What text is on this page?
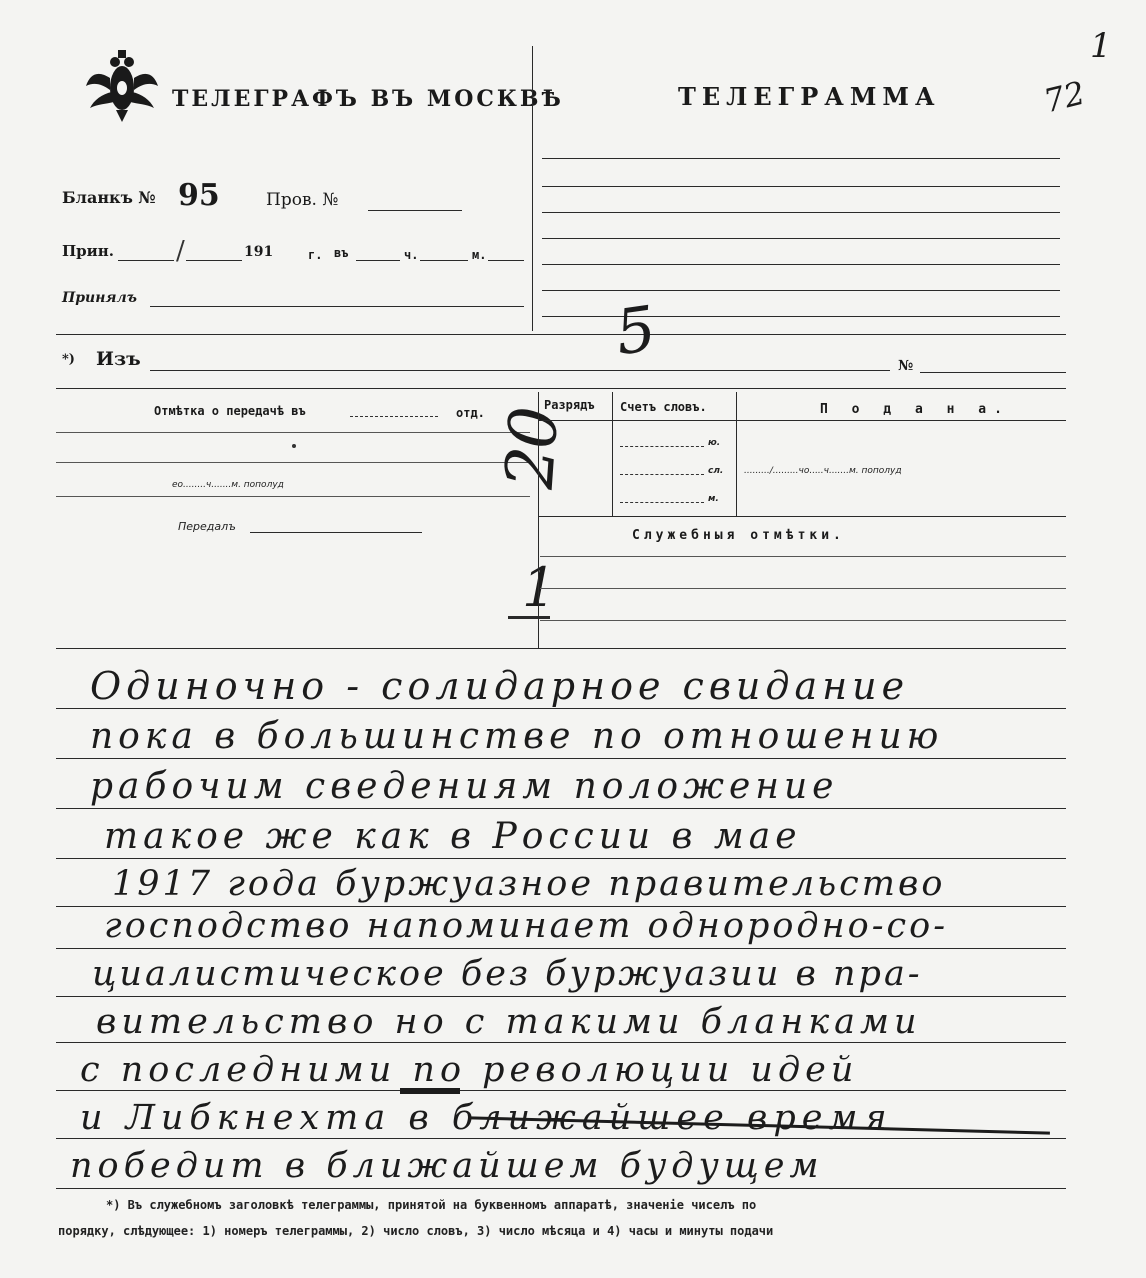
ТЕЛЕГРАФЪ ВЪ МОСКВѢ	ТЕЛЕГРАММА
1
72
Бланкъ № 95	Пров. №
Прин. /	191	г. въ	ч.	м.
Принялъ
*) Изъ	№
Отмѣтка о передачѣ въ	отд.
ео........ч.......м. пополуд
Передалъ
5
20
1
Разрядъ Счетъ словъ.	П о д а н а.
ю.
сл.
м.
........./.........чо.....ч.......м. пополуд
Служебныя отмѣтки.
Одиночно - солидарное свидание
пока в большинстве по отношению
рабочим сведениям положение
такое же как в России в мае
1917 года буржуазное правительство
господство напоминает однородно-со-
циалистическое без буржуазии в пра-
вительство но с такими бланками
с последними по революции идей
и Либкнехта в ближайшее время
победит в ближайшем будущем
*) Въ служебномъ заголовкѣ телеграммы, принятой на буквенномъ аппаратѣ, значеніе чиселъ по
порядку, слѣдующее: 1) номеръ телеграммы, 2) число словъ, 3) число мѣсяца и 4) часы и минуты подачи
